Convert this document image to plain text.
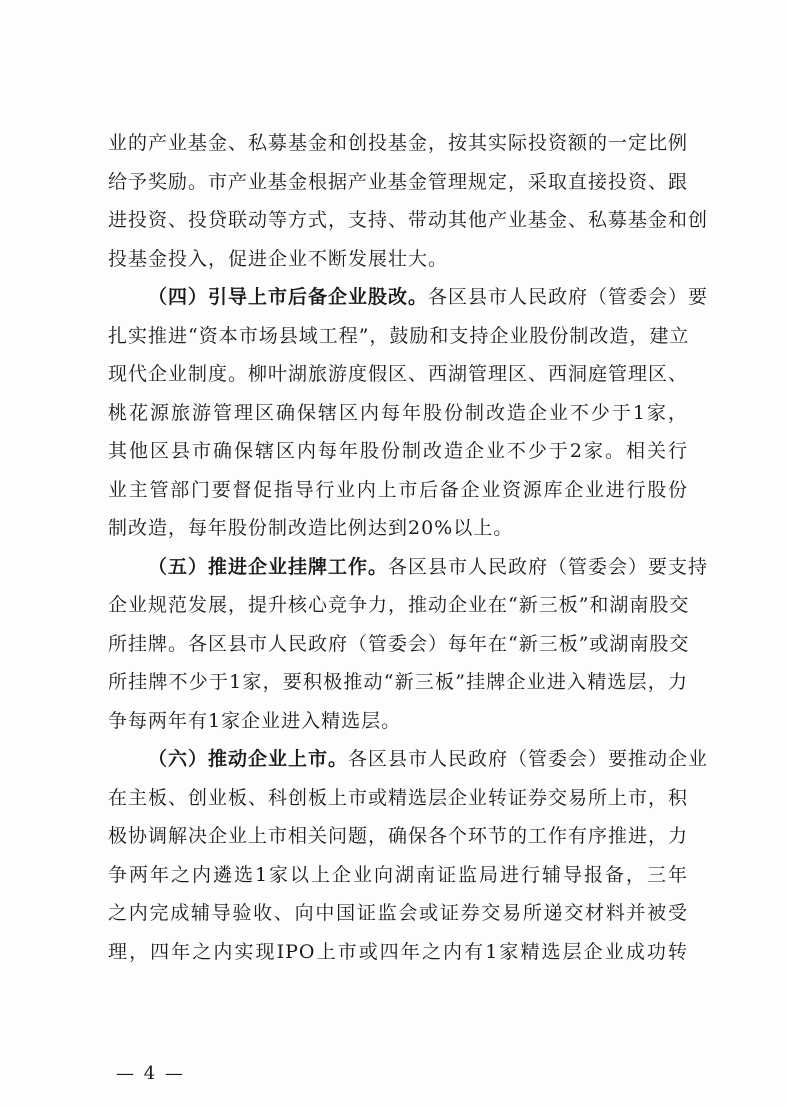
业的产业基金、私募基金和创投基金，按其实际投资额的一定比例
给予奖励。市产业基金根据产业基金管理规定，采取直接投资、跟
进投资、投贷联动等方式，支持、带动其他产业基金、私募基金和创
投基金投入，促进企业不断发展壮大。
（四）引导上市后备企业股改。各区县市人民政府（管委会）要
扎实推进“资本市场县域工程”，鼓励和支持企业股份制改造，建立
现代企业制度。柳叶湖旅游度假区、西湖管理区、西洞庭管理区、
桃花源旅游管理区确保辖区内每年股份制改造企业不少于1家，
其他区县市确保辖区内每年股份制改造企业不少于2家。相关行
业主管部门要督促指导行业内上市后备企业资源库企业进行股份
制改造，每年股份制改造比例达到20%以上。
（五）推进企业挂牌工作。各区县市人民政府（管委会）要支持
企业规范发展，提升核心竞争力，推动企业在“新三板”和湖南股交
所挂牌。各区县市人民政府（管委会）每年在“新三板”或湖南股交
所挂牌不少于1家，要积极推动“新三板”挂牌企业进入精选层，力
争每两年有1家企业进入精选层。
（六）推动企业上市。各区县市人民政府（管委会）要推动企业
在主板、创业板、科创板上市或精选层企业转证券交易所上市，积
极协调解决企业上市相关问题，确保各个环节的工作有序推进，力
争两年之内遴选1家以上企业向湖南证监局进行辅导报备，三年
之内完成辅导验收、向中国证监会或证券交易所递交材料并被受
理，四年之内实现IPO上市或四年之内有1家精选层企业成功转
— 4 —
